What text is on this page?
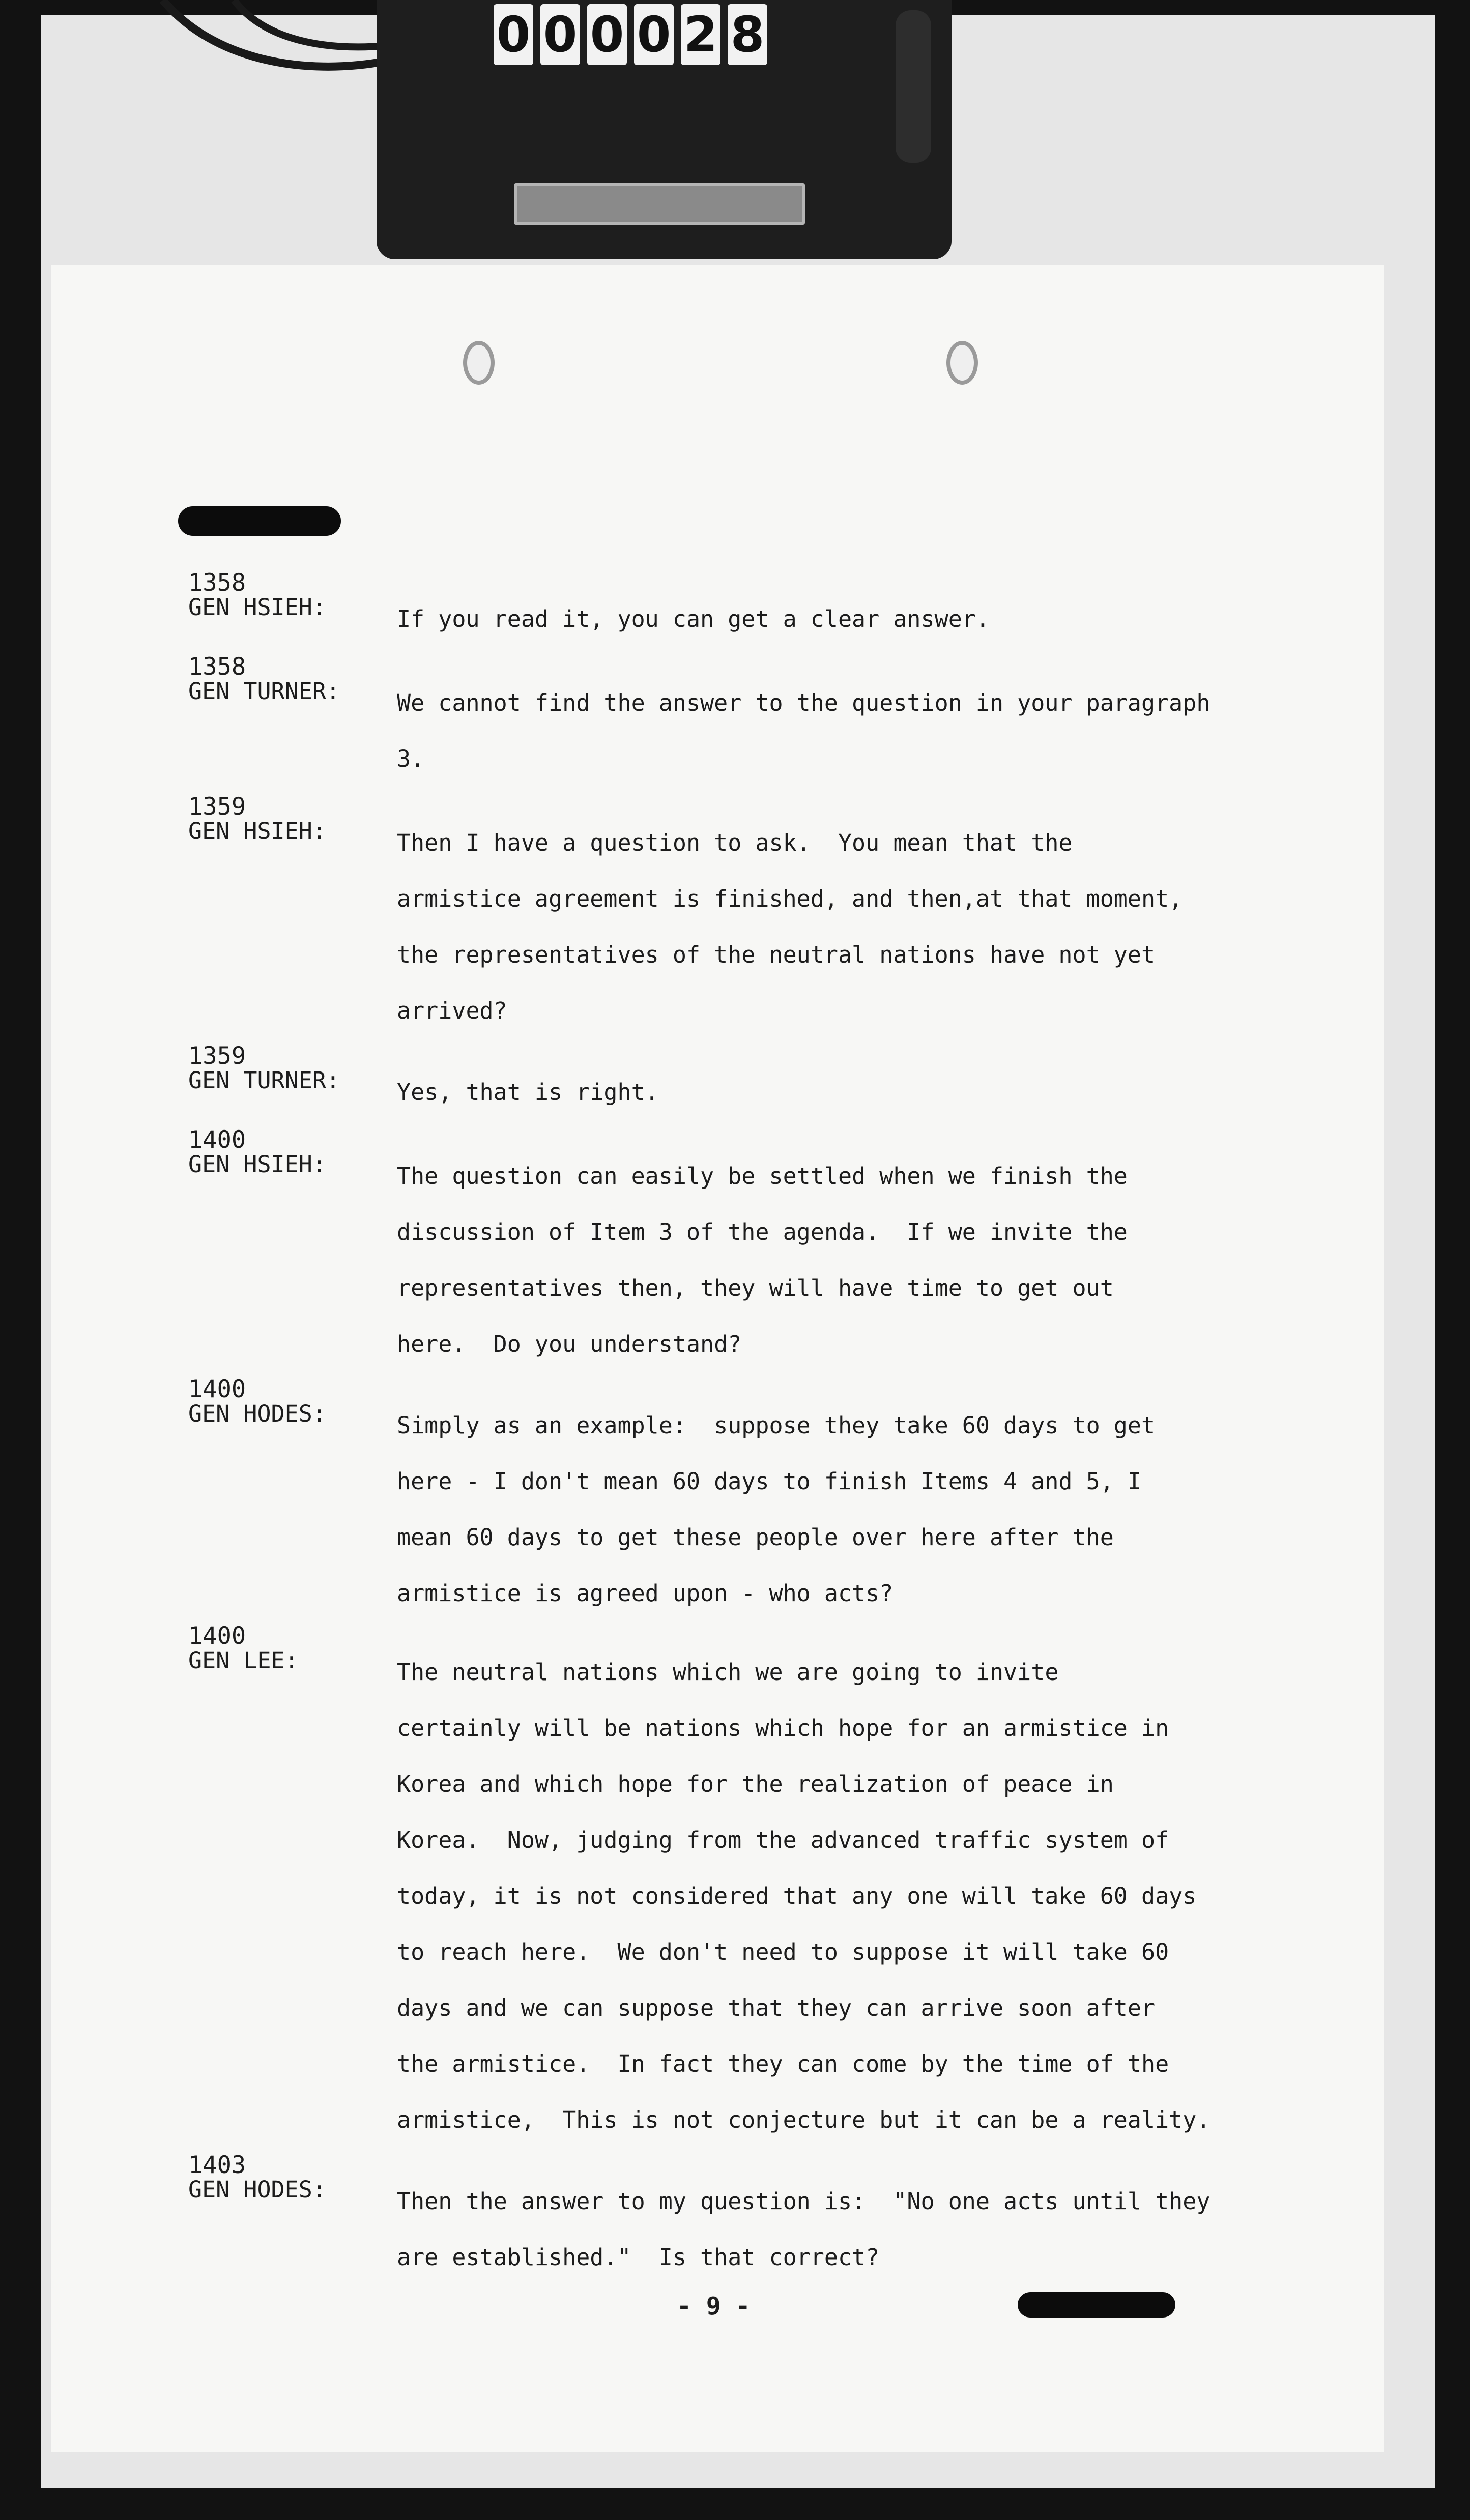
0 0 0 0 2 8
1358
GEN HSIEH:	If you read it, you can get a clear answer.
1358
GEN TURNER: We cannot find the answer to the question in your paragraph
3.
1359
GEN HSIEH:	Then I have a question to ask.  You mean that the
armistice agreement is finished, and then,at that moment,
the representatives of the neutral nations have not yet
arrived?
1359
GEN TURNER: Yes, that is right.
1400
GEN HSIEH:	The question can easily be settled when we finish the
discussion of Item 3 of the agenda.  If we invite the
representatives then, they will have time to get out
here.  Do you understand?
1400
GEN HODES:	Simply as an example:  suppose they take 60 days to get
here - I don't mean 60 days to finish Items 4 and 5, I
mean 60 days to get these people over here after the
armistice is agreed upon - who acts?
1400
GEN LEE:	The neutral nations which we are going to invite
certainly will be nations which hope for an armistice in
Korea and which hope for the realization of peace in
Korea.  Now, judging from the advanced traffic system of
today, it is not considered that any one will take 60 days
to reach here.  We don't need to suppose it will take 60
days and we can suppose that they can arrive soon after
the armistice.  In fact they can come by the time of the
armistice,  This is not conjecture but it can be a reality.
1403
GEN HODES:	Then the answer to my question is:  "No one acts until they
are established."  Is that correct?
- 9 -
